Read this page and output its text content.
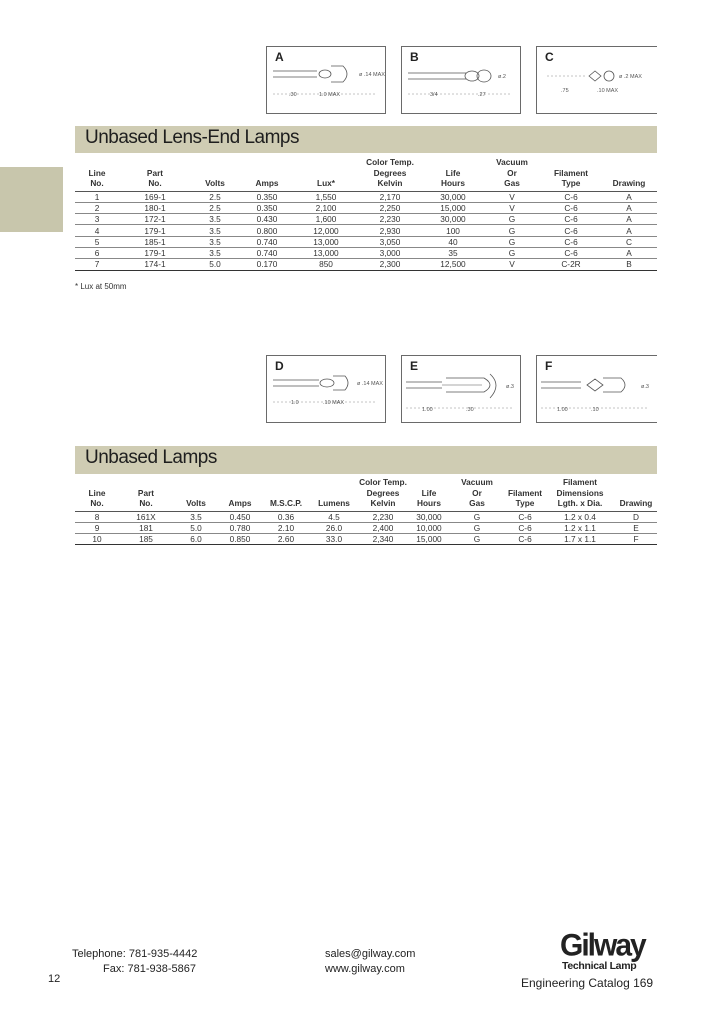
A
ø .14 MAX
.30	1.0 MAX
B
ø.2
3/4	.27
C
ø .2 MAX
.10 MAX
.75
Unbased Lens-End Lamps
Line
No.	Part
No.	Volts	Amps	Lux*	Color Temp.
Degrees
Kelvin	Life
Hours	Vacuum
Or
Gas	Filament
Type	Drawing
1	169-1	2.5	0.350	1,550	2,170	30,000	V	C-6	A
2	180-1	2.5	0.350	2,100	2,250	15,000	V	C-6	A
3	172-1	3.5	0.430	1,600	2,230	30,000	G	C-6	A
4	179-1	3.5	0.800	12,000	2,930	100	G	C-6	A
5	185-1	3.5	0.740	13,000	3,050	40	G	C-6	C
6	179-1	3.5	0.740	13,000	3,000	35	G	C-6	A
7	174-1	5.0	0.170	850	2,300	12,500	V	C-2R	B
* Lux at 50mm
D
ø .14 MAX
.10 MAX
1.0
E
ø.3
1.00	.30
F
ø.3
.10
1.00
Unbased Lamps
Line
No.	Part
No.	Volts	Amps	M.S.C.P.	Lumens	Color Temp.
Degrees
Kelvin	Life
Hours	Vacuum
Or
Gas	Filament
Type	Filament
Dimensions
Lgth. x Dia.	Drawing
8	161X	3.5	0.450	0.36	4.5	2,230	30,000	G	C-6	1.2 x 0.4	D
9	181	5.0	0.780	2.10	26.0	2,400	10,000	G	C-6	1.2 x 1.1	E
10	185	6.0	0.850	2.60	33.0	2,340	15,000	G	C-6	1.7 x 1.1	F
Telephone: 781-935-4442
Fax: 781-938-5867
sales@gilway.com
www.gilway.com
Gilway
Technical Lamp
Engineering Catalog 169
12
